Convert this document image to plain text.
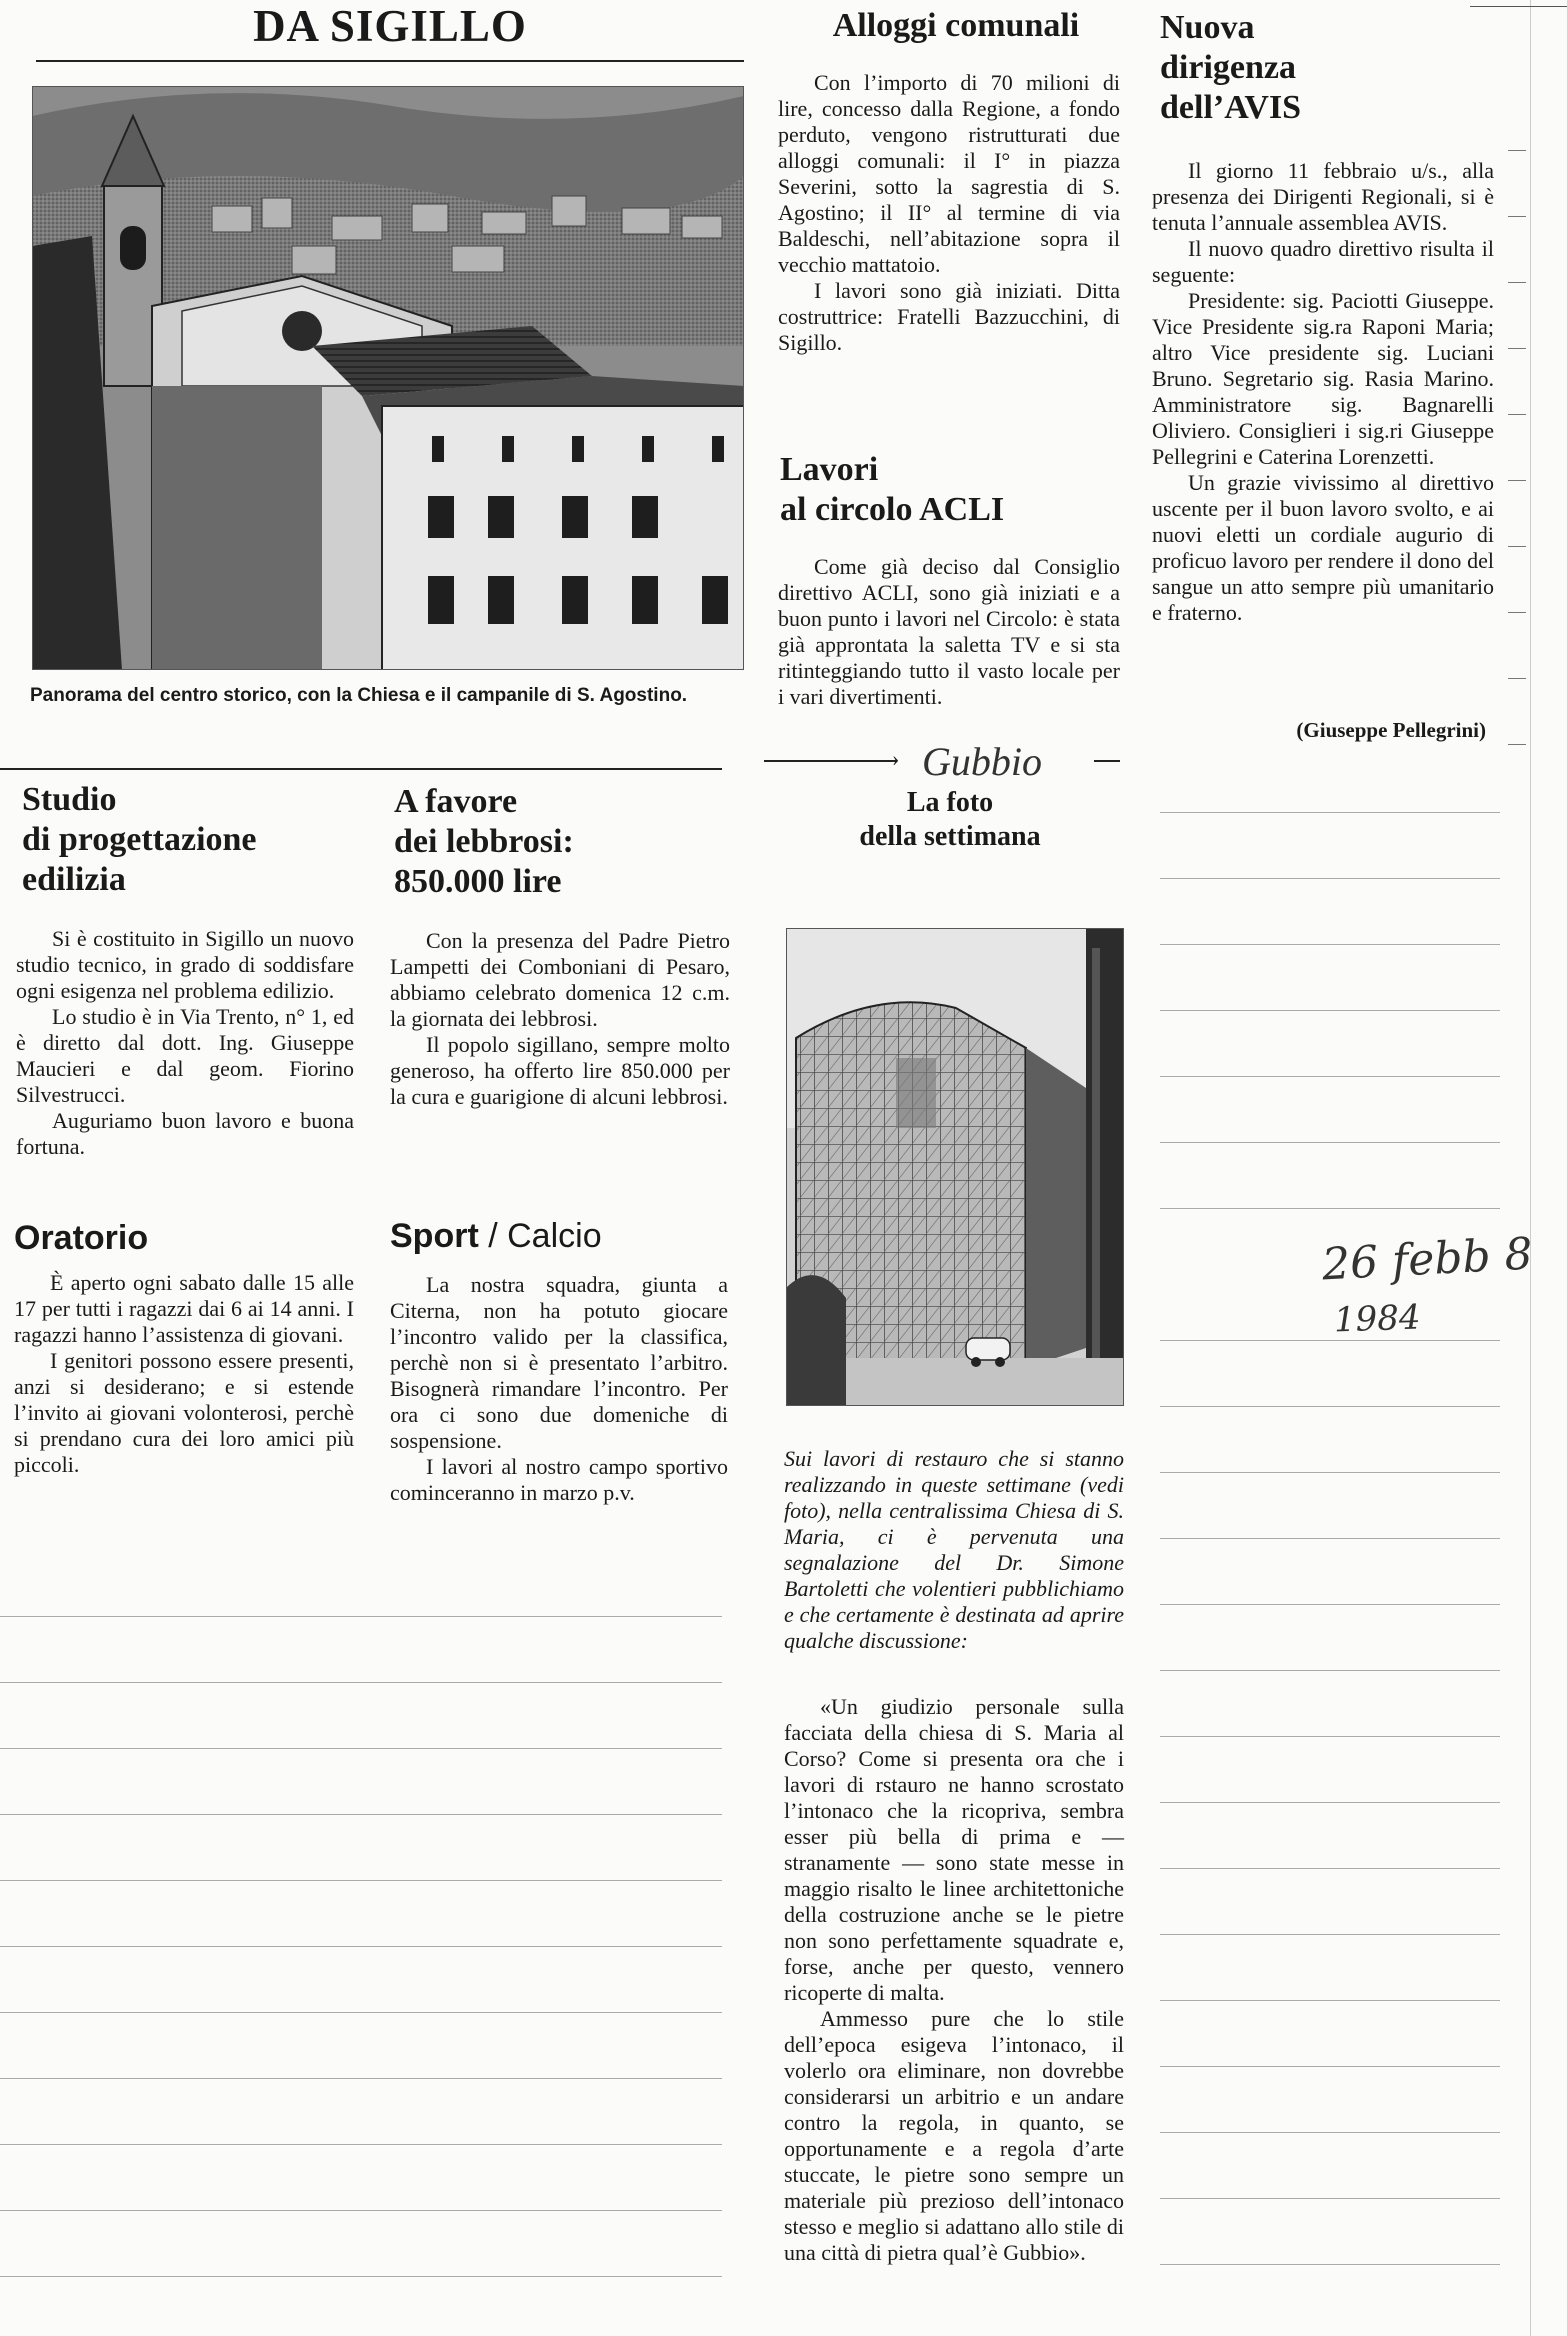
DA SIGILLO
Panorama del centro storico, con la Chiesa e il campanile di S. Agostino.
Alloggi comunali

Con l’importo di 70 milioni di lire, concesso dalla Regione, a fondo perduto, vengono ristrutturati due alloggi comunali: il I° in piazza Severini, sotto la sagrestia di S. Agostino; il II° al termine di via Baldeschi, nell’abitazione sopra il vecchio mattatoio.

I lavori sono già iniziati. Ditta costruttrice: Fratelli Bazzucchini, di Sigillo.

Lavori
al circolo ACLI

Come già deciso dal Consiglio direttivo ACLI, sono già iniziati e a buon punto i lavori nel Circolo: è stata già approntata la saletta TV e si sta ritinteggiando tutto il vasto locale per i vari divertimenti.

Nuova
dirigenza
dell’AVIS

Il giorno 11 febbraio u/s., alla presenza dei Dirigenti Regionali, si è tenuta l’annuale assemblea AVIS.

Il nuovo quadro direttivo risulta il seguente:

Presidente: sig. Paciotti Giuseppe. Vice Presidente sig.ra Raponi Maria; altro Vice presidente sig. Luciani Bruno. Segretario sig. Rasia Marino. Amministratore sig. Bagnarelli Oliviero. Consiglieri i sig.ri Giuseppe Pellegrini e Caterina Lorenzetti.

Un grazie vivissimo al direttivo uscente per il buon lavoro svolto, e ai nuovi eletti un cordiale augurio di proficuo lavoro per rendere il dono del sangue un atto sempre più umanitario e fraterno.

(Giuseppe Pellegrini)
Studio
di progettazione
edilizia

Si è costituito in Sigillo un nuovo studio tecnico, in grado di soddisfare ogni esigenza nel problema edilizio.

Lo studio è in Via Trento, n° 1, ed è diretto dal dott. Ing. Giuseppe Maucieri e dal geom. Fiorino Silvestrucci.

Auguriamo buon lavoro e buona fortuna.

A favore
dei lebbrosi:
850.000 lire

Con la presenza del Padre Pietro Lampetti dei Comboniani di Pesaro, abbiamo celebrato domenica 12 c.m. la giornata dei lebbrosi.

Il popolo sigillano, sempre molto generoso, ha offerto lire 850.000 per la cura e guarigione di alcuni lebbrosi.

Oratorio

È aperto ogni sabato dalle 15 alle 17 per tutti i ragazzi dai 6 ai 14 anni. I ragazzi hanno l’assistenza di giovani.

I genitori possono essere presenti, anzi si desiderano; e si estende l’invito ai giovani volonterosi, perchè si prendano cura dei loro amici più piccoli.

Sport / Calcio

La nostra squadra, giunta a Citerna, non ha potuto giocare l’incontro valido per la classifica, perchè non si è presentato l’arbitro. Bisognerà rimandare l’incontro. Per ora ci sono due domeniche di sospensione.

I lavori al nostro campo sportivo cominceranno in marzo p.v.

› Gubbio
La foto
della settimana

Sui lavori di restauro che si stanno realizzando in queste settimane (vedi foto), nella centralissima Chiesa di S. Maria, ci è pervenuta una segnalazione del Dr. Simone Bartoletti che volentieri pubblichiamo e che certamente è destinata ad aprire qualche discussione:

«Un giudizio personale sulla facciata della chiesa di S. Maria al Corso? Come si presenta ora che i lavori di rstauro ne hanno scrostato l’intonaco che la ricopriva, sembra esser più bella di prima e — stranamente — sono state messe in maggio risalto le linee architettoniche della costruzione anche se le pietre non sono perfettamente squadrate e, forse, anche per questo, vennero ricoperte di malta.

Ammesso pure che lo stile dell’epoca esigeva l’intonaco, il volerlo ora eliminare, non dovrebbe considerarsi un arbitrio e un andare contro la regola, in quanto, se opportunamente e a regola d’arte stuccate, le pietre sono sempre un materiale più prezioso dell’intonaco stesso e meglio si adattano allo stile di una città di pietra qual’è Gubbio».

26 febb 8
1984
